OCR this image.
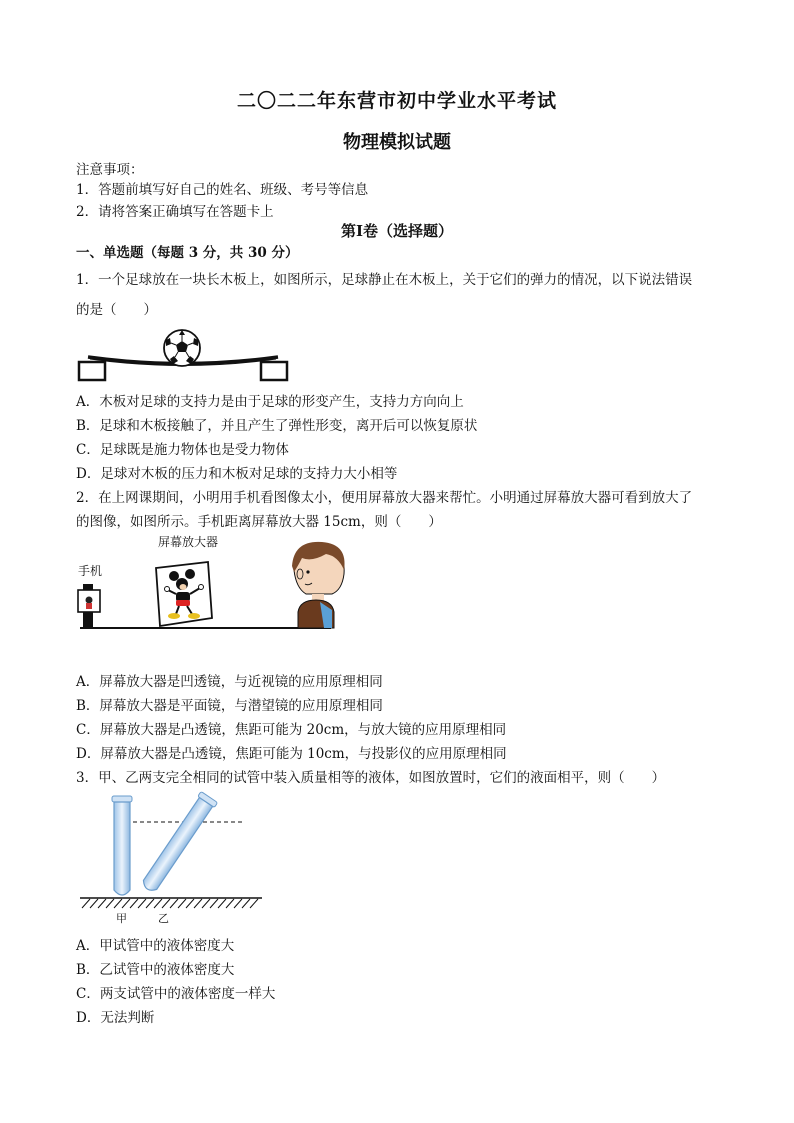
二〇二二年东营市初中学业水平考试
物理模拟试题
注意事项：
1．答题前填写好自己的姓名、班级、考号等信息
2．请将答案正确填写在答题卡上
第Ⅰ卷（选择题）
一、单选题（每题 3 分，共 30 分）
1．一个足球放在一块长木板上，如图所示，足球静止在木板上，关于它们的弹力的情况，以下说法错误
的是（　　）
A．木板对足球的支持力是由于足球的形变产生，支持力方向向上
B．足球和木板接触了，并且产生了弹性形变，离开后可以恢复原状
C．足球既是施力物体也是受力物体
D．足球对木板的压力和木板对足球的支持力大小相等
2．在上网课期间，小明用手机看图像太小，便用屏幕放大器来帮忙。小明通过屏幕放大器可看到放大了
的图像，如图所示。手机距离屏幕放大器 15cm，则（　　）
屏幕放大器
手机
A．屏幕放大器是凹透镜，与近视镜的应用原理相同
B．屏幕放大器是平面镜，与潜望镜的应用原理相同
C．屏幕放大器是凸透镜，焦距可能为 20cm，与放大镜的应用原理相同
D．屏幕放大器是凸透镜，焦距可能为 10cm，与投影仪的应用原理相同
3．甲、乙两支完全相同的试管中装入质量相等的液体，如图放置时，它们的液面相平，则（　　）
甲	乙
A．甲试管中的液体密度大
B．乙试管中的液体密度大
C．两支试管中的液体密度一样大
D．无法判断
